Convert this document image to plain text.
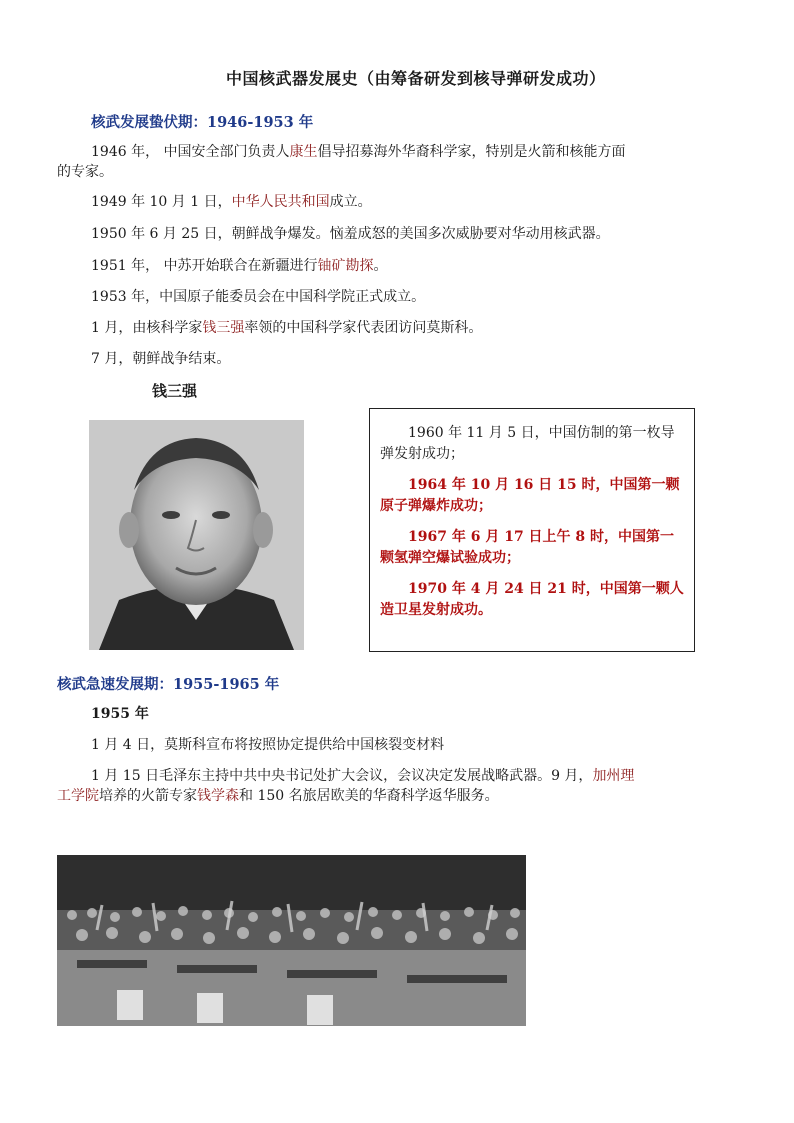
中国核武器发展史（由筹备研发到核导弹研发成功）
核武发展蛰伏期：1946-1953 年
1946 年， 中国安全部门负责人康生倡导招募海外华裔科学家，特别是火箭和核能方面
的专家。
1949 年 10 月 1 日，中华人民共和国成立。
1950 年 6 月 25 日，朝鲜战争爆发。恼羞成怒的美国多次威胁要对华动用核武器。
1951 年， 中苏开始联合在新疆进行铀矿勘探。
1953 年，中国原子能委员会在中国科学院正式成立。
1 月，由核科学家钱三强率领的中国科学家代表团访问莫斯科。
7 月，朝鲜战争结束。
钱三强

1960 年 11 月 5 日，中国仿制的第一枚导弹发射成功；

1964 年 10 月 16 日 15 时，中国第一颗原子弹爆炸成功；

1967 年 6 月 17 日上午 8 时，中国第一颗氢弹空爆试验成功；

1970 年 4 月 24 日 21 时，中国第一颗人造卫星发射成功。

核武急速发展期：1955-1965 年
1955 年
1 月 4 日，莫斯科宣布将按照协定提供给中国核裂变材料
1 月 15 日毛泽东主持中共中央书记处扩大会议，会议决定发展战略武器。9 月，加州理
工学院培养的火箭专家钱学森和 150 名旅居欧美的华裔科学返华服务。
